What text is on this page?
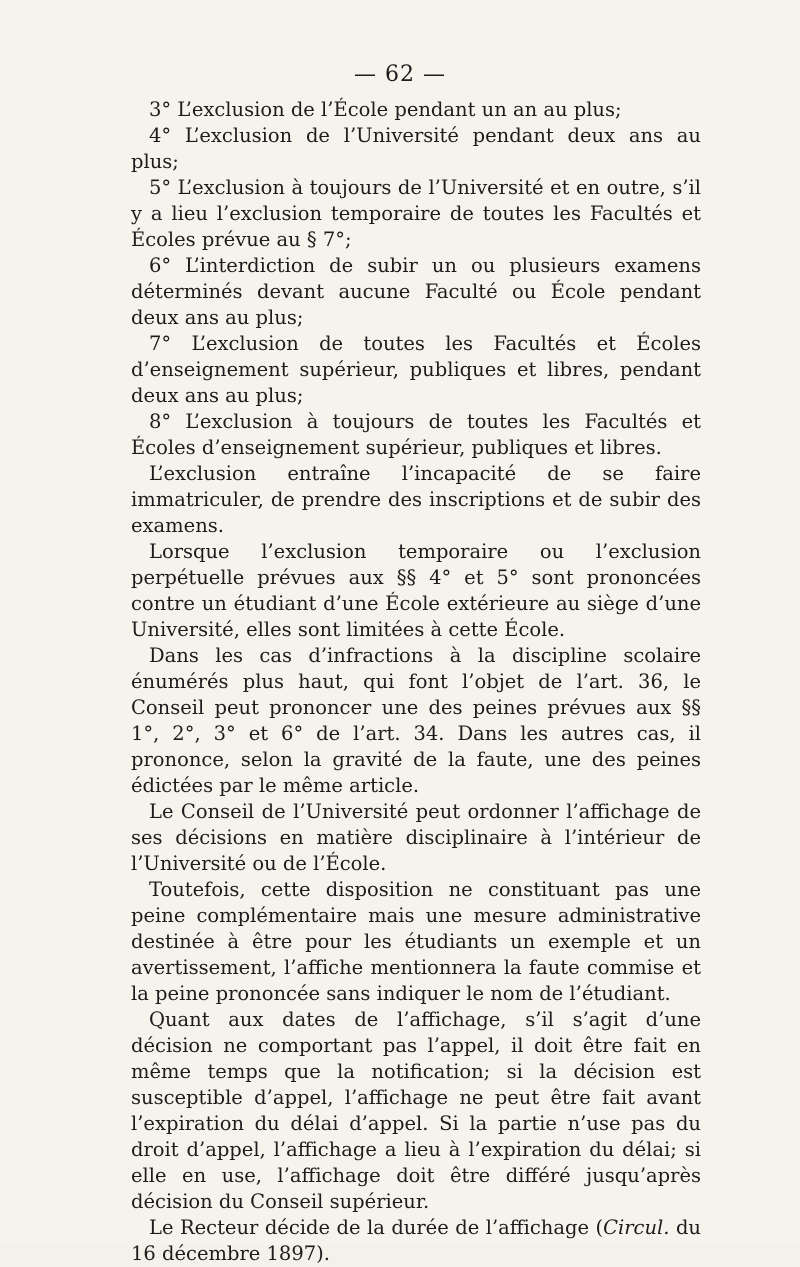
— 62 —

3° L’exclusion de l’École pendant un an au plus;

4° L’exclusion de l’Université pendant deux ans au plus;

5° L’exclusion à toujours de l’Université et en outre, s’il y a lieu l’exclusion temporaire de toutes les Facultés et Écoles prévue au § 7°;

6° L’interdiction de subir un ou plusieurs examens déterminés devant aucune Faculté ou École pendant deux ans au plus;

7° L’exclusion de toutes les Facultés et Écoles d’enseignement supérieur, publiques et libres, pendant deux ans au plus;

8° L’exclusion à toujours de toutes les Facultés et Écoles d’enseignement supérieur, publiques et libres.

L’exclusion entraîne l’incapacité de se faire immatriculer, de prendre des inscriptions et de subir des examens.

Lorsque l’exclusion temporaire ou l’exclusion perpétuelle prévues aux §§ 4° et 5° sont prononcées contre un étudiant d’une École extérieure au siège d’une Université, elles sont limitées à cette École.

Dans les cas d’infractions à la discipline scolaire énumérés plus haut, qui font l’objet de l’art. 36, le Conseil peut prononcer une des peines prévues aux §§ 1°, 2°, 3° et 6° de l’art. 34. Dans les autres cas, il prononce, selon la gravité de la faute, une des peines édictées par le même article.

Le Conseil de l’Université peut ordonner l’affichage de ses décisions en matière disciplinaire à l’intérieur de l’Université ou de l’École.

Toutefois, cette disposition ne constituant pas une peine complémentaire mais une mesure administrative destinée à être pour les étudiants un exemple et un avertissement, l’affiche mentionnera la faute commise et la peine prononcée sans indiquer le nom de l’étudiant.

Quant aux dates de l’affichage, s’il s’agit d’une décision ne comportant pas l’appel, il doit être fait en même temps que la notification; si la décision est susceptible d’appel, l’affichage ne peut être fait avant l’expiration du délai d’appel. Si la partie n’use pas du droit d’appel, l’affichage a lieu à l’expiration du délai; si elle en use, l’affichage doit être différé jusqu’après décision du Conseil supérieur.

Le Recteur décide de la durée de l’affichage (Circul. du 16 décembre 1897).
